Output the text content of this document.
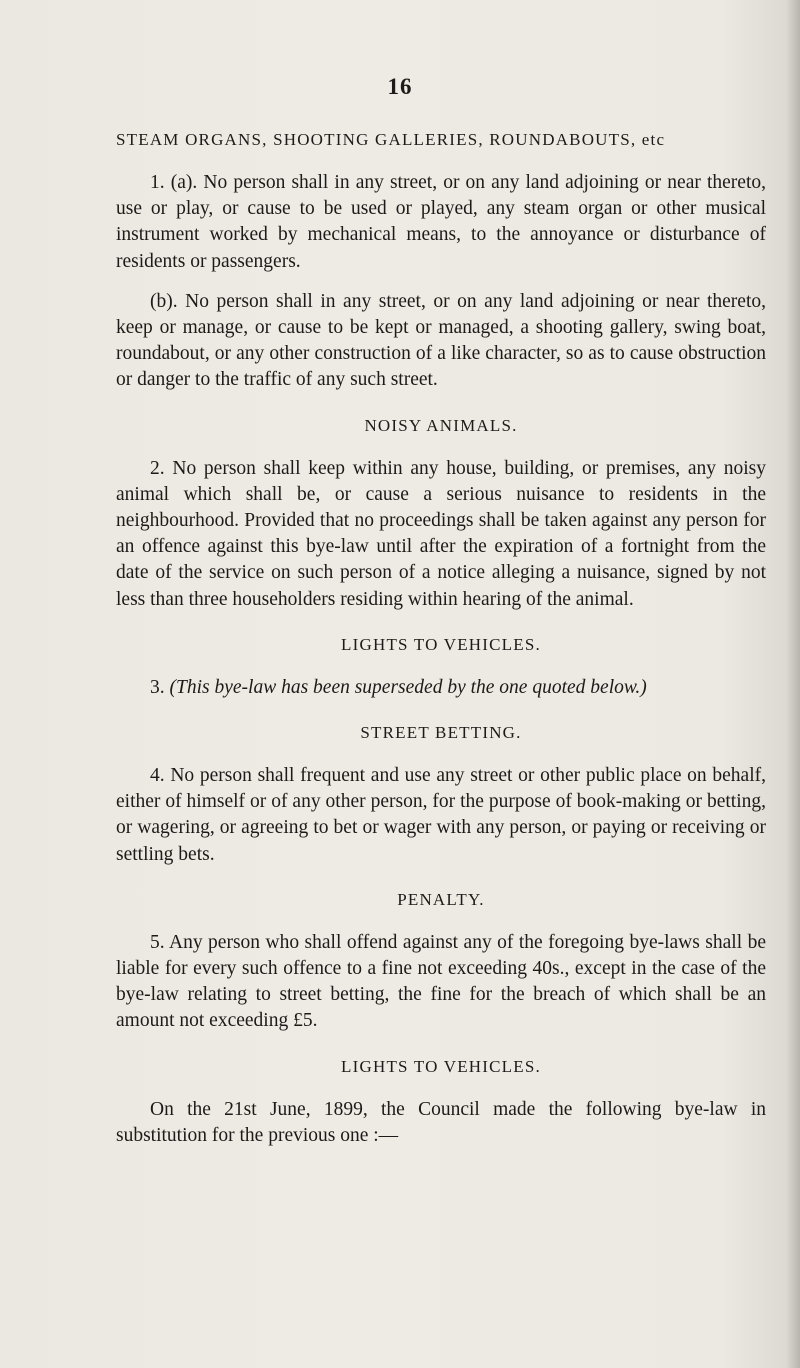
16

STEAM ORGANS, SHOOTING GALLERIES, ROUNDABOUTS, etc

1. (a). No person shall in any street, or on any land adjoining or near thereto, use or play, or cause to be used or played, any steam organ or other musical instrument worked by mechanical means, to the annoyance or disturbance of residents or passengers.

(b). No person shall in any street, or on any land adjoining or near thereto, keep or manage, or cause to be kept or managed, a shooting gallery, swing boat, roundabout, or any other construction of a like character, so as to cause obstruction or danger to the traffic of any such street.

NOISY ANIMALS.

2. No person shall keep within any house, building, or premises, any noisy animal which shall be, or cause a serious nuisance to residents in the neighbourhood. Provided that no proceedings shall be taken against any person for an offence against this bye-law until after the expiration of a fortnight from the date of the service on such person of a notice alleging a nuisance, signed by not less than three householders residing within hearing of the animal.

LIGHTS TO VEHICLES.

3. (This bye-law has been superseded by the one quoted below.)

STREET BETTING.

4. No person shall frequent and use any street or other public place on behalf, either of himself or of any other person, for the purpose of book-making or betting, or wagering, or agreeing to bet or wager with any person, or paying or receiving or settling bets.

PENALTY.

5. Any person who shall offend against any of the foregoing bye-laws shall be liable for every such offence to a fine not exceeding 40s., except in the case of the bye-law relating to street betting, the fine for the breach of which shall be an amount not exceeding £5.

LIGHTS TO VEHICLES.

On the 21st June, 1899, the Council made the following bye-law in substitution for the previous one :—
